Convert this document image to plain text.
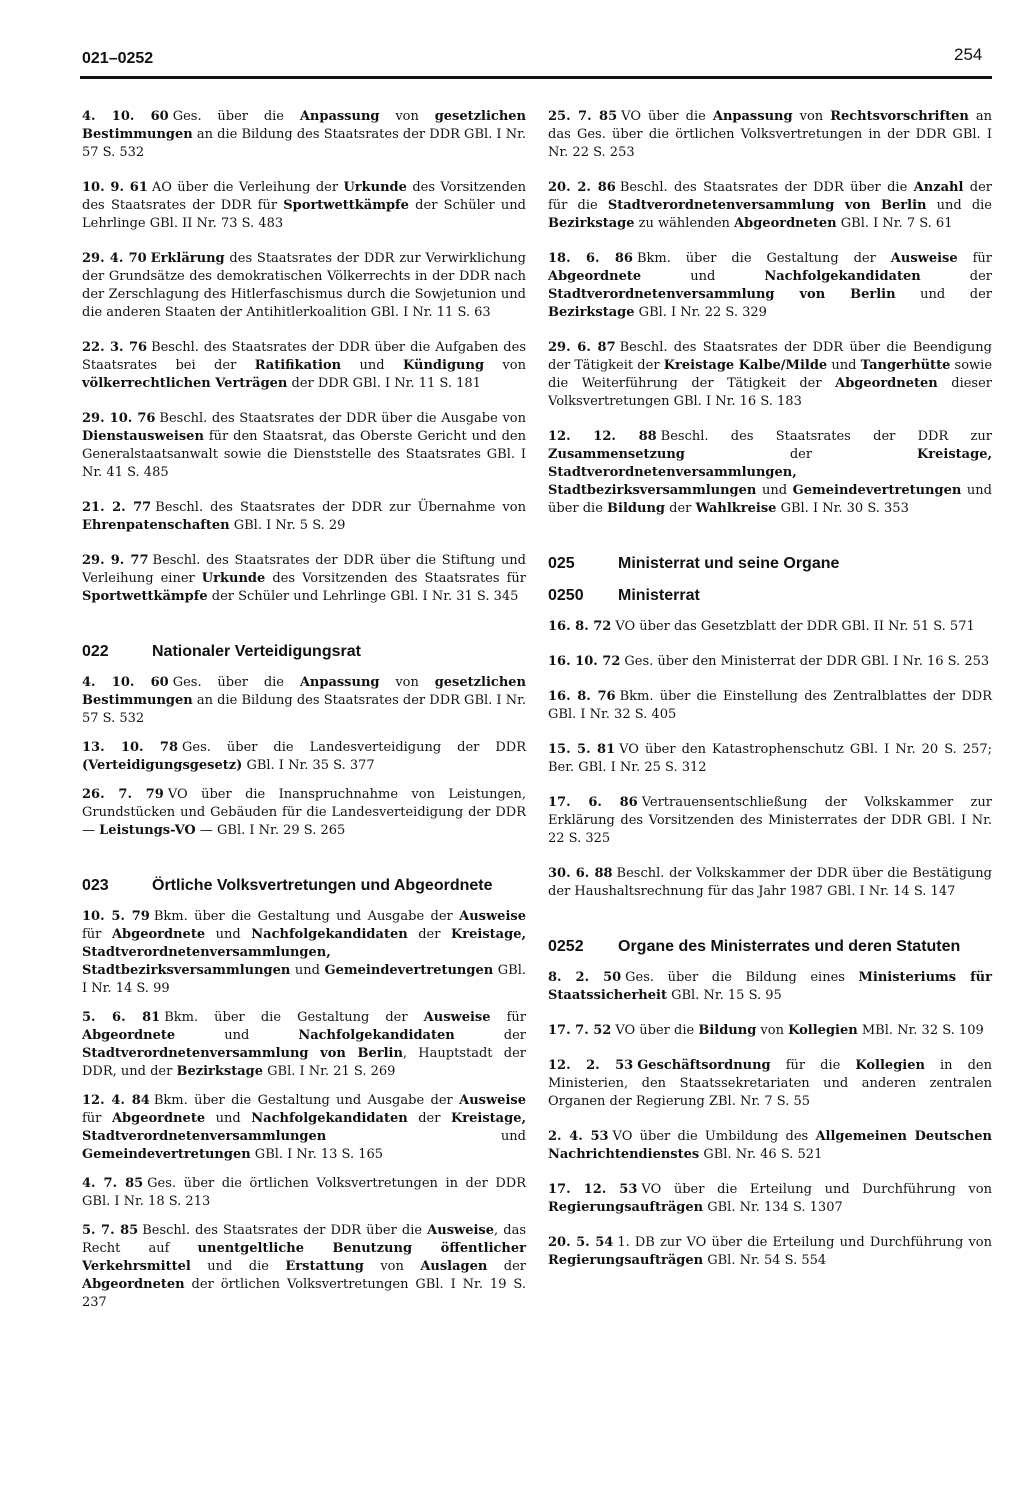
021–0252	254

4. 10. 60 Ges. über die Anpassung von gesetzlichen Bestimmungen an die Bildung des Staatsrates der DDR GBl. I Nr. 57 S. 532

10. 9. 61 AO über die Verleihung der Urkunde des Vorsitzenden des Staatsrates der DDR für Sportwettkämpfe der Schüler und Lehrlinge GBl. II Nr. 73 S. 483

29. 4. 70 Erklärung des Staatsrates der DDR zur Verwirklichung der Grundsätze des demokratischen Völkerrechts in der DDR nach der Zerschlagung des Hitlerfaschismus durch die Sowjetunion und die anderen Staaten der Antihitlerkoalition GBl. I Nr. 11 S. 63

22. 3. 76 Beschl. des Staatsrates der DDR über die Aufgaben des Staatsrates bei der Ratifikation und Kündigung von völkerrechtlichen Verträgen der DDR GBl. I Nr. 11 S. 181

29. 10. 76 Beschl. des Staatsrates der DDR über die Ausgabe von Dienstausweisen für den Staatsrat, das Oberste Gericht und den Generalstaatsanwalt sowie die Dienststelle des Staatsrates GBl. I Nr. 41 S. 485

21. 2. 77 Beschl. des Staatsrates der DDR zur Übernahme von Ehrenpatenschaften GBl. I Nr. 5 S. 29

29. 9. 77 Beschl. des Staatsrates der DDR über die Stiftung und Verleihung einer Urkunde des Vorsitzenden des Staatsrates für Sportwettkämpfe der Schüler und Lehrlinge GBl. I Nr. 31 S. 345

022	Nationaler Verteidigungsrat

4. 10. 60 Ges. über die Anpassung von gesetzlichen Bestimmungen an die Bildung des Staatsrates der DDR GBl. I Nr. 57 S. 532

13. 10. 78 Ges. über die Landesverteidigung der DDR (Verteidigungsgesetz) GBl. I Nr. 35 S. 377

26. 7. 79 VO über die Inanspruchnahme von Leistungen, Grundstücken und Gebäuden für die Landesverteidigung der DDR — Leistungs-VO — GBl. I Nr. 29 S. 265

023	Örtliche Volksvertretungen und Abgeordnete

10. 5. 79 Bkm. über die Gestaltung und Ausgabe der Ausweise für Abgeordnete und Nachfolgekandidaten der Kreistage, Stadtverordnetenversammlungen, Stadtbezirksversammlungen und Gemeindevertretungen GBl. I Nr. 14 S. 99

5. 6. 81 Bkm. über die Gestaltung der Ausweise für Abgeordnete und Nachfolgekandidaten der Stadtverordnetenversammlung von Berlin, Hauptstadt der DDR, und der Bezirkstage GBl. I Nr. 21 S. 269

12. 4. 84 Bkm. über die Gestaltung und Ausgabe der Ausweise für Abgeordnete und Nachfolgekandidaten der Kreistage, Stadtverordnetenversammlungen und Gemeindevertretungen GBl. I Nr. 13 S. 165

4. 7. 85 Ges. über die örtlichen Volksvertretungen in der DDR GBl. I Nr. 18 S. 213

5. 7. 85 Beschl. des Staatsrates der DDR über die Ausweise, das Recht auf unentgeltliche Benutzung öffentlicher Verkehrsmittel und die Erstattung von Auslagen der Abgeordneten der örtlichen Volksvertretungen GBl. I Nr. 19 S. 237

25. 7. 85 VO über die Anpassung von Rechtsvorschriften an das Ges. über die örtlichen Volksvertretungen in der DDR GBl. I Nr. 22 S. 253

20. 2. 86 Beschl. des Staatsrates der DDR über die Anzahl der für die Stadtverordnetenversammlung von Berlin und die Bezirkstage zu wählenden Abgeordneten GBl. I Nr. 7 S. 61

18. 6. 86 Bkm. über die Gestaltung der Ausweise für Abgeordnete und Nachfolgekandidaten der Stadtverordnetenversammlung von Berlin und der Bezirkstage GBl. I Nr. 22 S. 329

29. 6. 87 Beschl. des Staatsrates der DDR über die Beendigung der Tätigkeit der Kreistage Kalbe/Milde und Tangerhütte sowie die Weiterführung der Tätigkeit der Abgeordneten dieser Volksvertretungen GBl. I Nr. 16 S. 183

12. 12. 88 Beschl. des Staatsrates der DDR zur Zusammensetzung der Kreistage, Stadtverordnetenversammlungen, Stadtbezirksversammlungen und Gemeindevertretungen und über die Bildung der Wahlkreise GBl. I Nr. 30 S. 353

025	Ministerrat und seine Organe
0250	Ministerrat

16. 8. 72 VO über das Gesetzblatt der DDR GBl. II Nr. 51 S. 571

16. 10. 72 Ges. über den Ministerrat der DDR GBl. I Nr. 16 S. 253

16. 8. 76 Bkm. über die Einstellung des Zentralblattes der DDR GBl. I Nr. 32 S. 405

15. 5. 81 VO über den Katastrophenschutz GBl. I Nr. 20 S. 257; Ber. GBl. I Nr. 25 S. 312

17. 6. 86 Vertrauensentschließung der Volkskammer zur Erklärung des Vorsitzenden des Ministerrates der DDR GBl. I Nr. 22 S. 325

30. 6. 88 Beschl. der Volkskammer der DDR über die Bestätigung der Haushaltsrechnung für das Jahr 1987 GBl. I Nr. 14 S. 147

0252	Organe des Ministerrates und deren Statuten

8. 2. 50 Ges. über die Bildung eines Ministeriums für Staatssicherheit GBl. Nr. 15 S. 95

17. 7. 52 VO über die Bildung von Kollegien MBl. Nr. 32 S. 109

12. 2. 53 Geschäftsordnung für die Kollegien in den Ministerien, den Staatssekretariaten und anderen zentralen Organen der Regierung ZBl. Nr. 7 S. 55

2. 4. 53 VO über die Umbildung des Allgemeinen Deutschen Nachrichtendienstes GBl. Nr. 46 S. 521

17. 12. 53 VO über die Erteilung und Durchführung von Regierungsaufträgen GBl. Nr. 134 S. 1307

20. 5. 54 1. DB zur VO über die Erteilung und Durchführung von Regierungsaufträgen GBl. Nr. 54 S. 554
